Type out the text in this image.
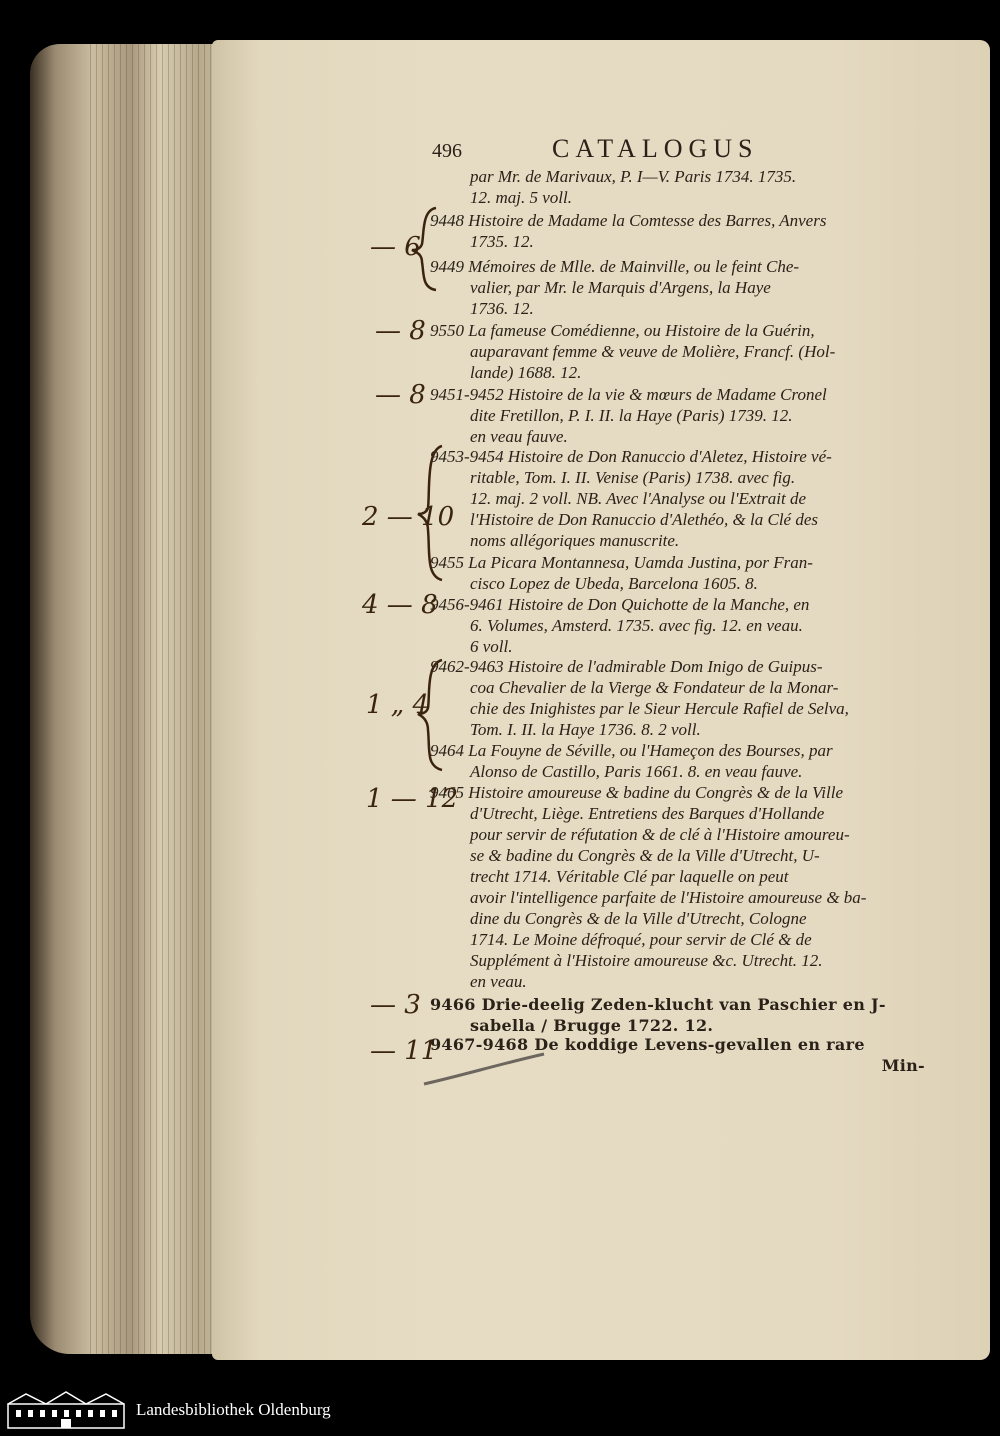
496	CATALOGUS
par Mr. de Marivaux, P. I—V. Paris 1734. 1735.
12. maj. 5 voll.
9448 Histoire de Madame la Comtesse des Barres, Anvers
1735. 12.
9449 Mémoires de Mlle. de Mainville, ou le feint Che-
valier, par Mr. le Marquis d'Argens, la Haye
1736. 12.
9550 La fameuse Comédienne, ou Histoire de la Guérin,
auparavant femme & veuve de Molière, Francf. (Hol-
lande) 1688. 12.
9451-9452 Histoire de la vie & mœurs de Madame Cronel
dite Fretillon, P. I. II. la Haye (Paris) 1739. 12.
en veau fauve.
9453-9454 Histoire de Don Ranuccio d'Aletez, Histoire vé-
ritable, Tom. I. II. Venise (Paris) 1738. avec fig.
12. maj. 2 voll. NB. Avec l'Analyse ou l'Extrait de
l'Histoire de Don Ranuccio d'Alethéo, & la Clé des
noms allégoriques manuscrite.
9455 La Picara Montannesa, Uamda Justina, por Fran-
cisco Lopez de Ubeda, Barcelona 1605. 8.
9456-9461 Histoire de Don Quichotte de la Manche, en
6. Volumes, Amsterd. 1735. avec fig. 12. en veau.
6 voll.
9462-9463 Histoire de l'admirable Dom Inigo de Guipus-
coa Chevalier de la Vierge & Fondateur de la Monar-
chie des Inighistes par le Sieur Hercule Rafiel de Selva,
Tom. I. II. la Haye 1736. 8. 2 voll.
9464 La Fouyne de Séville, ou l'Hameçon des Bourses, par
Alonso de Castillo, Paris 1661. 8. en veau fauve.
9465 Histoire amoureuse & badine du Congrès & de la Ville
d'Utrecht, Liège. Entretiens des Barques d'Hollande
pour servir de réfutation & de clé à l'Histoire amoureu-
se & badine du Congrès & de la Ville d'Utrecht, U-
trecht 1714. Véritable Clé par laquelle on peut
avoir l'intelligence parfaite de l'Histoire amoureuse & ba-
dine du Congrès & de la Ville d'Utrecht, Cologne
1714. Le Moine défroqué, pour servir de Clé & de
Supplément à l'Histoire amoureuse &c. Utrecht. 12.
en veau.
9466 Drie-deelig Zeden-klucht van Paschier en J-
sabella / Brugge 1722. 12.
9467-9468 De koddige Levens-gevallen en rare
Min-
— 6
— 8
— 8
2 — 10
4 — 8
1 „ 4
1 — 12
— 3
— 11
Landesbibliothek Oldenburg
